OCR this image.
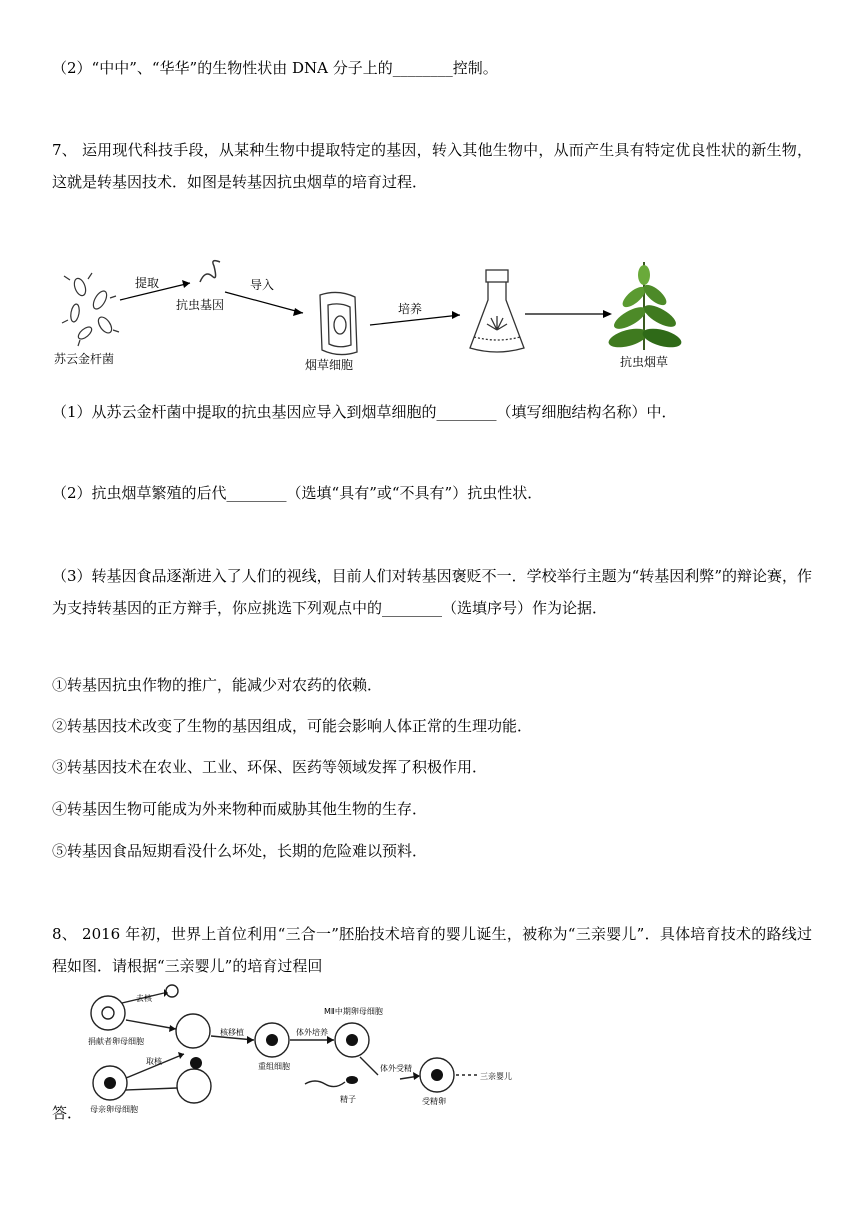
（2）“中中”、“华华”的生物性状由 DNA 分子上的________控制。
7、 运用现代科技手段，从某种生物中提取特定的基因，转入其他生物中，从而产生具有特定优良性状的新生物，这就是转基因技术．如图是转基因抗虫烟草的培育过程．
苏云金杆菌
提取
抗虫基因
导入
烟草细胞
培养
抗虫烟草
（1）从苏云金杆菌中提取的抗虫基因应导入到烟草细胞的________（填写细胞结构名称）中．
（2）抗虫烟草繁殖的后代________（选填“具有”或“不具有”）抗虫性状．
（3）转基因食品逐渐进入了人们的视线，目前人们对转基因褒贬不一．学校举行主题为“转基因利弊”的辩论赛，作为支持转基因的正方辩手，你应挑选下列观点中的________（选填序号）作为论据．
①转基因抗虫作物的推广，能减少对农药的依赖．
②转基因技术改变了生物的基因组成，可能会影响人体正常的生理功能．
③转基因技术在农业、工业、环保、医药等领域发挥了积极作用．
④转基因生物可能成为外来物种而威胁其他生物的生存．
⑤转基因食品短期看没什么坏处，长期的危险难以预料．
8、 2016 年初，世界上首位利用“三合一”胚胎技术培育的婴儿诞生，被称为“三亲婴儿”．具体培育技术的路线过程如图．请根据“三亲婴儿”的培育过程回
去核
捐献者卵母细胞
取核
母亲卵母细胞
核移植
重组细胞
体外培养
MⅡ中期卵母细胞
体外受精
精子	受精卵
三亲婴儿
答．
